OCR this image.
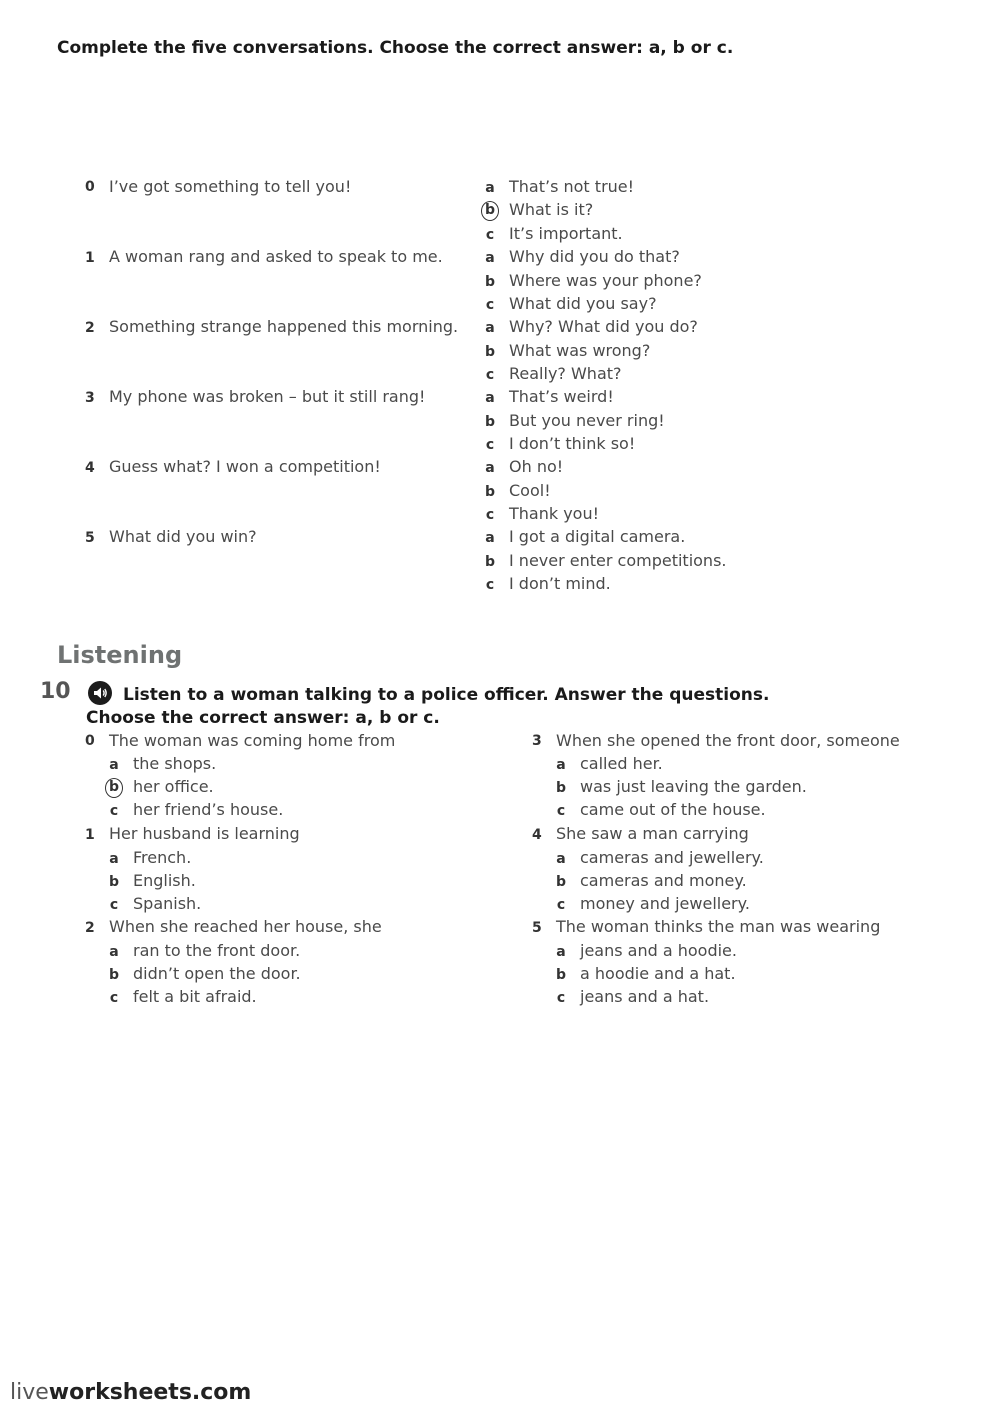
Complete the five conversations. Choose the correct answer: a, b or c.
0 I’ve got something to tell you!	a That’s not true!
b What is it?
c It’s important.
1 A woman rang and asked to speak to me.	a Why did you do that?
b Where was your phone?
c What did you say?
2 Something strange happened this morning.	a Why? What did you do?
b What was wrong?
c Really? What?
3 My phone was broken – but it still rang!	a That’s weird!
b But you never ring!
c I don’t think so!
4 Guess what? I won a competition!	a Oh no!
b Cool!
c Thank you!
5 What did you win?	a I got a digital camera.
b I never enter competitions.
c I don’t mind.
Listening
10	Listen to a woman talking to a police officer. Answer the questions.
Choose the correct answer: a, b or c.
0 The woman was coming home from
a the shops.
b her office.
c her friend’s house.
1 Her husband is learning
a French.
b English.
c Spanish.
2 When she reached her house, she
a ran to the front door.
b didn’t open the door.
c felt a bit afraid.
3 When she opened the front door, someone
a called her.
b was just leaving the garden.
c came out of the house.
4 She saw a man carrying
a cameras and jewellery.
b cameras and money.
c money and jewellery.
5 The woman thinks the man was wearing
a jeans and a hoodie.
b a hoodie and a hat.
c jeans and a hat.
liveworksheets.com
